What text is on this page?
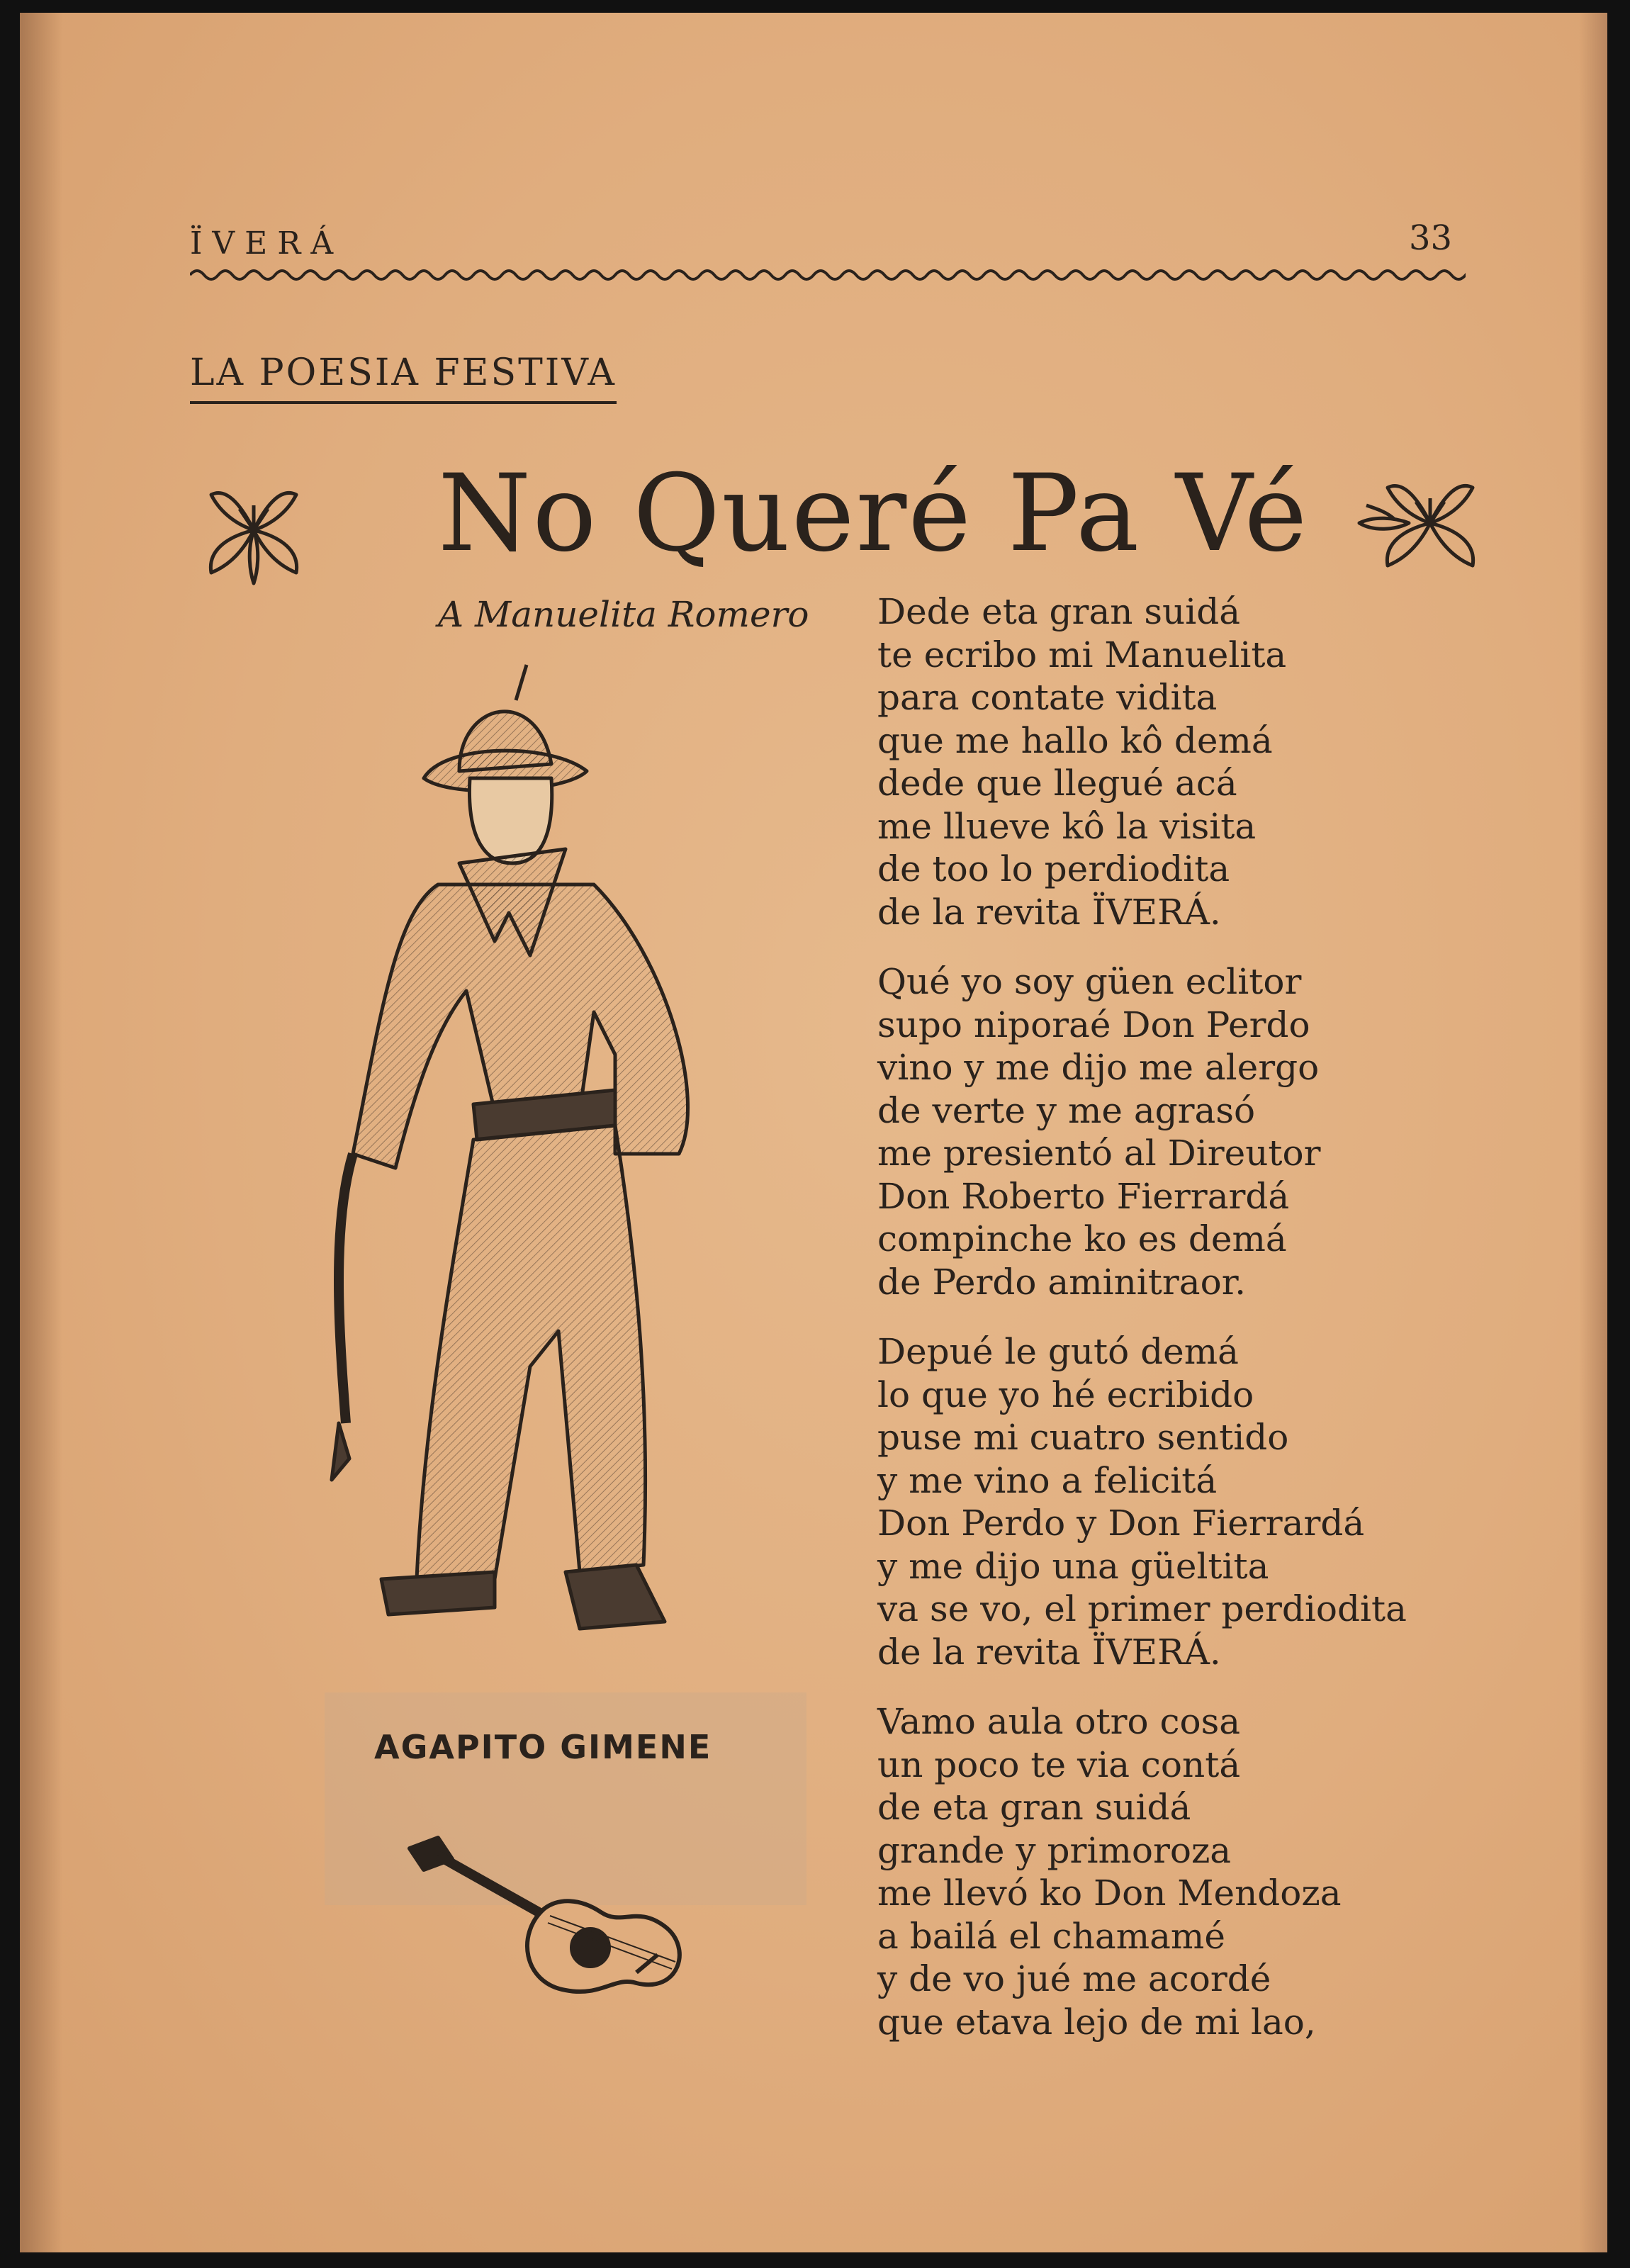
ÏVERÁ	33
LA POESIA FESTIVA
No Queré Pa Vé
A Manuelita Romero
AGAPITO GIMENE
Dede eta gran suidá
te ecribo mi Manuelita
para contate vidita
que me hallo kô demá
dede que llegué acá
me llueve kô la visita
de too lo perdiodita
de la revita ÏVERÁ.
Qué yo soy güen eclitor
supo niporaé Don Perdo
vino y me dijo me alergo
de verte y me agrasó
me presientó al Direutor
Don Roberto Fierrardá
compinche ko es demá
de Perdo aminitraor.
Depué le gutó demá
lo que yo hé ecribido
puse mi cuatro sentido
y me vino a felicitá
Don Perdo y Don Fierrardá
y me dijo una güeltita
va se vo, el primer perdiodita
de la revita ÏVERÁ.
Vamo aula otro cosa
un poco te via contá
de eta gran suidá
grande y primoroza
me llevó ko Don Mendoza
a bailá el chamamé
y de vo jué me acordé
que etava lejo de mi lao,
